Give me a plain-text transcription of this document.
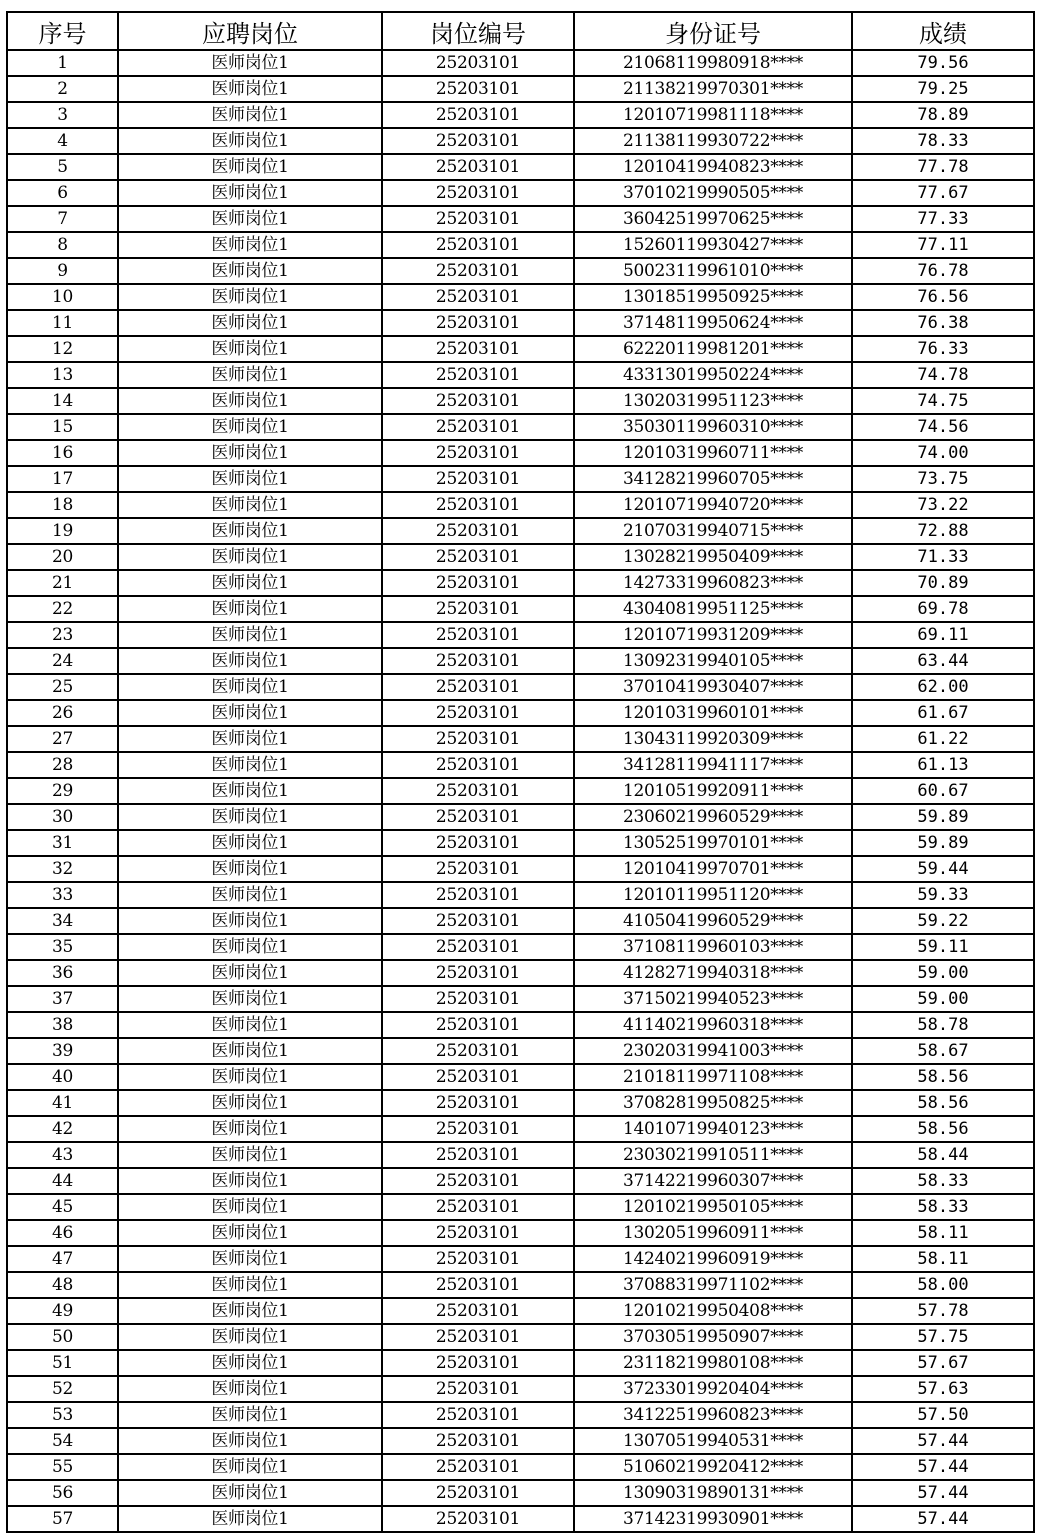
序号	应聘岗位	岗位编号	身份证号	成绩
1	医师岗位1	25203101	21068119980918****	79.56
2	医师岗位1	25203101	21138219970301****	79.25
3	医师岗位1	25203101	12010719981118****	78.89
4	医师岗位1	25203101	21138119930722****	78.33
5	医师岗位1	25203101	12010419940823****	77.78
6	医师岗位1	25203101	37010219990505****	77.67
7	医师岗位1	25203101	36042519970625****	77.33
8	医师岗位1	25203101	15260119930427****	77.11
9	医师岗位1	25203101	50023119961010****	76.78
10	医师岗位1	25203101	13018519950925****	76.56
11	医师岗位1	25203101	37148119950624****	76.38
12	医师岗位1	25203101	62220119981201****	76.33
13	医师岗位1	25203101	43313019950224****	74.78
14	医师岗位1	25203101	13020319951123****	74.75
15	医师岗位1	25203101	35030119960310****	74.56
16	医师岗位1	25203101	12010319960711****	74.00
17	医师岗位1	25203101	34128219960705****	73.75
18	医师岗位1	25203101	12010719940720****	73.22
19	医师岗位1	25203101	21070319940715****	72.88
20	医师岗位1	25203101	13028219950409****	71.33
21	医师岗位1	25203101	14273319960823****	70.89
22	医师岗位1	25203101	43040819951125****	69.78
23	医师岗位1	25203101	12010719931209****	69.11
24	医师岗位1	25203101	13092319940105****	63.44
25	医师岗位1	25203101	37010419930407****	62.00
26	医师岗位1	25203101	12010319960101****	61.67
27	医师岗位1	25203101	13043119920309****	61.22
28	医师岗位1	25203101	34128119941117****	61.13
29	医师岗位1	25203101	12010519920911****	60.67
30	医师岗位1	25203101	23060219960529****	59.89
31	医师岗位1	25203101	13052519970101****	59.89
32	医师岗位1	25203101	12010419970701****	59.44
33	医师岗位1	25203101	12010119951120****	59.33
34	医师岗位1	25203101	41050419960529****	59.22
35	医师岗位1	25203101	37108119960103****	59.11
36	医师岗位1	25203101	41282719940318****	59.00
37	医师岗位1	25203101	37150219940523****	59.00
38	医师岗位1	25203101	41140219960318****	58.78
39	医师岗位1	25203101	23020319941003****	58.67
40	医师岗位1	25203101	21018119971108****	58.56
41	医师岗位1	25203101	37082819950825****	58.56
42	医师岗位1	25203101	14010719940123****	58.56
43	医师岗位1	25203101	23030219910511****	58.44
44	医师岗位1	25203101	37142219960307****	58.33
45	医师岗位1	25203101	12010219950105****	58.33
46	医师岗位1	25203101	13020519960911****	58.11
47	医师岗位1	25203101	14240219960919****	58.11
48	医师岗位1	25203101	37088319971102****	58.00
49	医师岗位1	25203101	12010219950408****	57.78
50	医师岗位1	25203101	37030519950907****	57.75
51	医师岗位1	25203101	23118219980108****	57.67
52	医师岗位1	25203101	37233019920404****	57.63
53	医师岗位1	25203101	34122519960823****	57.50
54	医师岗位1	25203101	13070519940531****	57.44
55	医师岗位1	25203101	51060219920412****	57.44
56	医师岗位1	25203101	13090319890131****	57.44
57	医师岗位1	25203101	37142319930901****	57.44
